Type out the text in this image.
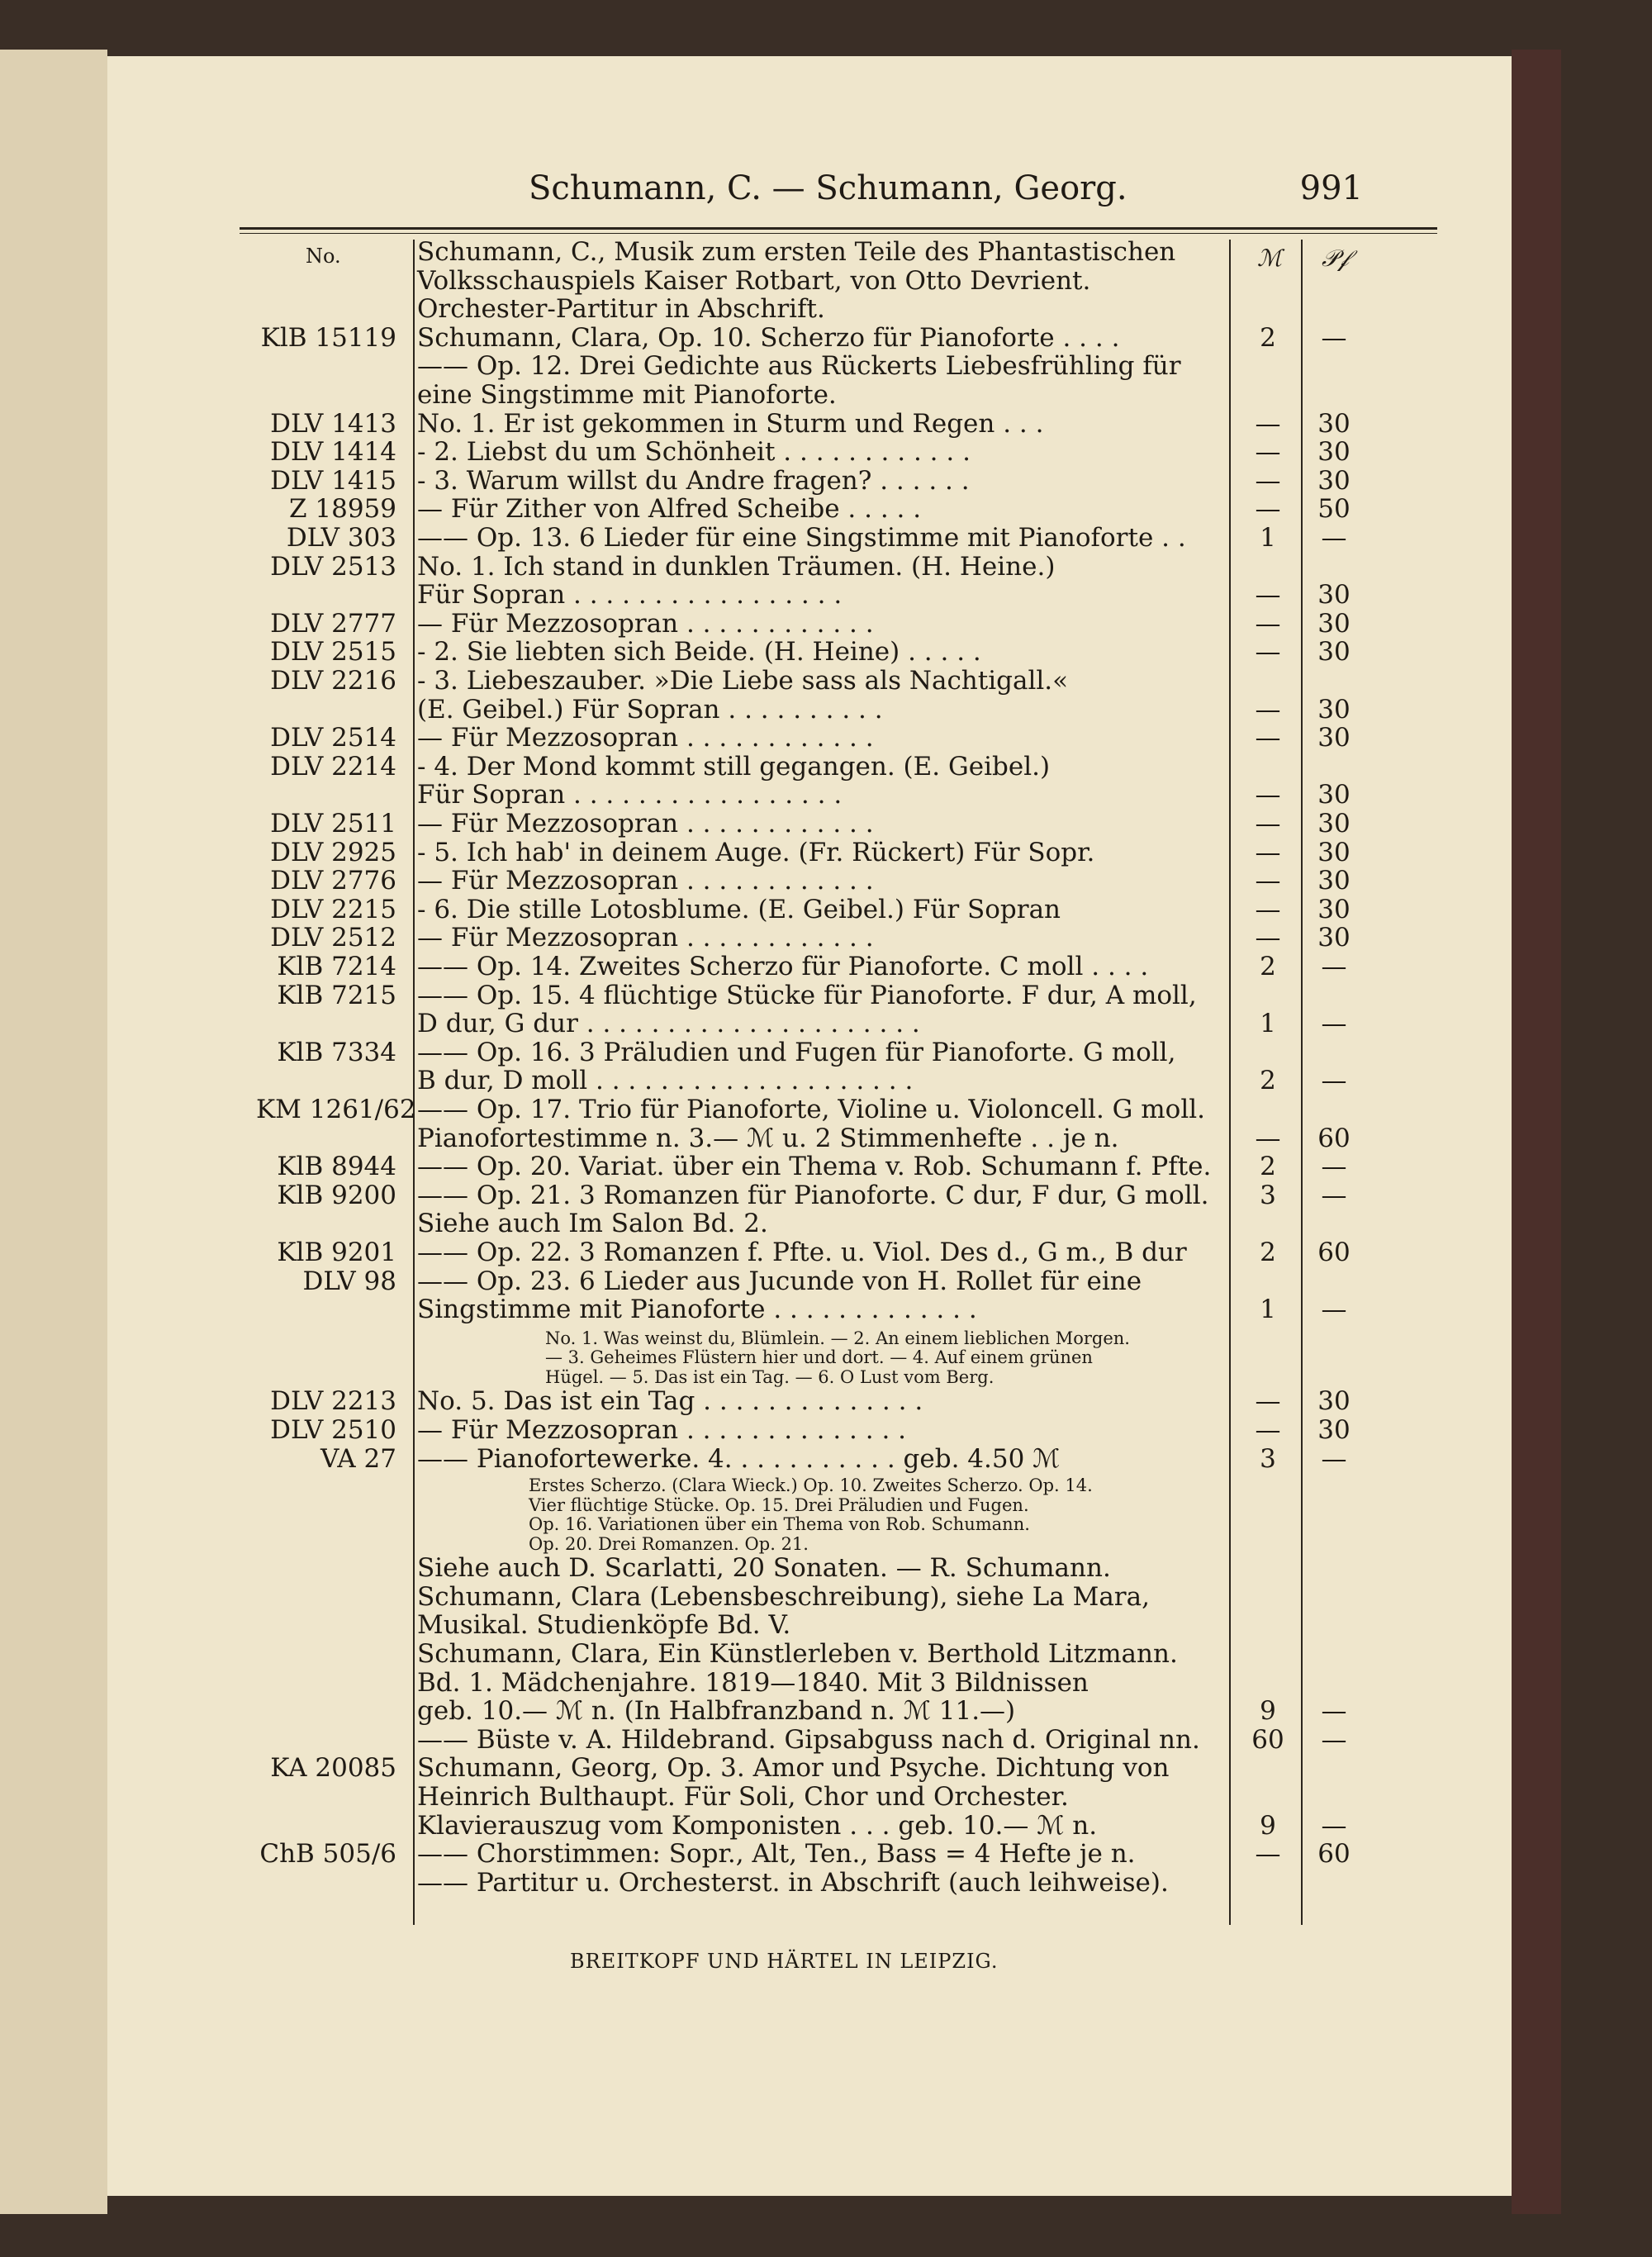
Schumann, C. — Schumann, Georg.	991
No.	ℳ 𝒫𝒻
Schumann, C., Musik zum ersten Teile des Phantastischen
Volksschauspiels Kaiser Rotbart, von Otto Devrient.
Orchester-Partitur in Abschrift.
KlB 15119 Schumann, Clara, Op. 10. Scherzo für Pianoforte . . . .	2	—
—— Op. 12. Drei Gedichte aus Rückerts Liebesfrühling für
eine Singstimme mit Pianoforte.
DLV 1413 No. 1. Er ist gekommen in Sturm und Regen . . .	—	30
DLV 1414 - 2. Liebst du um Schönheit . . . . . . . . . . . .	—	30
DLV 1415 - 3. Warum willst du Andre fragen? . . . . . .	—	30
Z 18959 — Für Zither von Alfred Scheibe . . . . .	—	50
DLV 303 —— Op. 13. 6 Lieder für eine Singstimme mit Pianoforte . .	1	—
DLV 2513 No. 1. Ich stand in dunklen Träumen. (H. Heine.)
Für Sopran . . . . . . . . . . . . . . . . .	—	30
DLV 2777 — Für Mezzosopran . . . . . . . . . . . .	—	30
DLV 2515 - 2. Sie liebten sich Beide. (H. Heine) . . . . .	—	30
DLV 2216 - 3. Liebeszauber. »Die Liebe sass als Nachtigall.«
(E. Geibel.) Für Sopran . . . . . . . . . .	—	30
DLV 2514 — Für Mezzosopran . . . . . . . . . . . .	—	30
DLV 2214 - 4. Der Mond kommt still gegangen. (E. Geibel.)
Für Sopran . . . . . . . . . . . . . . . . .	—	30
DLV 2511 — Für Mezzosopran . . . . . . . . . . . .	—	30
DLV 2925 - 5. Ich hab' in deinem Auge. (Fr. Rückert) Für Sopr.	—	30
DLV 2776 — Für Mezzosopran . . . . . . . . . . . .	—	30
DLV 2215 - 6. Die stille Lotosblume. (E. Geibel.) Für Sopran	—	30
DLV 2512 — Für Mezzosopran . . . . . . . . . . . .	—	30
KlB 7214 —— Op. 14. Zweites Scherzo für Pianoforte. C moll . . . .	2	—
KlB 7215 —— Op. 15. 4 flüchtige Stücke für Pianoforte. F dur, A moll,
D dur, G dur . . . . . . . . . . . . . . . . . . . . .	1	—
KlB 7334 —— Op. 16. 3 Präludien und Fugen für Pianoforte. G moll,
B dur, D moll . . . . . . . . . . . . . . . . . . . .	2	—
KM 1261/62 —— Op. 17. Trio für Pianoforte, Violine u. Violoncell. G moll.
Pianofortestimme n. 3.— ℳ u. 2 Stimmenhefte . . je n.	—	60
KlB 8944 —— Op. 20. Variat. über ein Thema v. Rob. Schumann f. Pfte.	2	—
KlB 9200 —— Op. 21. 3 Romanzen für Pianoforte. C dur, F dur, G moll.	3	—
Siehe auch Im Salon Bd. 2.
KlB 9201 —— Op. 22. 3 Romanzen f. Pfte. u. Viol. Des d., G m., B dur	2	60
DLV 98 —— Op. 23. 6 Lieder aus Jucunde von H. Rollet für eine
Singstimme mit Pianoforte . . . . . . . . . . . . .	1	—
No. 1. Was weinst du, Blümlein. — 2. An einem lieblichen Morgen.
— 3. Geheimes Flüstern hier und dort. — 4. Auf einem grünen
Hügel. — 5. Das ist ein Tag. — 6. O Lust vom Berg.
DLV 2213 No. 5. Das ist ein Tag . . . . . . . . . . . . . .	—	30
DLV 2510 — Für Mezzosopran . . . . . . . . . . . . . .	—	30
VA 27 —— Pianofortewerke. 4. . . . . . . . . . . geb. 4.50 ℳ	3	—
Erstes Scherzo. (Clara Wieck.) Op. 10. Zweites Scherzo. Op. 14.
Vier flüchtige Stücke. Op. 15. Drei Präludien und Fugen.
Op. 16. Variationen über ein Thema von Rob. Schumann.
Op. 20. Drei Romanzen. Op. 21.
Siehe auch D. Scarlatti, 20 Sonaten. — R. Schumann.
Schumann, Clara (Lebensbeschreibung), siehe La Mara,
Musikal. Studienköpfe Bd. V.
Schumann, Clara, Ein Künstlerleben v. Berthold Litzmann.
Bd. 1. Mädchenjahre. 1819—1840. Mit 3 Bildnissen
geb. 10.— ℳ n. (In Halbfranzband n. ℳ 11.—)	9	—
—— Büste v. A. Hildebrand. Gipsabguss nach d. Original nn.	60	—
KA 20085 Schumann, Georg, Op. 3. Amor und Psyche. Dichtung von
Heinrich Bulthaupt. Für Soli, Chor und Orchester.
Klavierauszug vom Komponisten . . . geb. 10.— ℳ n.	9	—
ChB 505/6 —— Chorstimmen: Sopr., Alt, Ten., Bass = 4 Hefte je n.	—	60
—— Partitur u. Orchesterst. in Abschrift (auch leihweise).
BREITKOPF UND HÄRTEL IN LEIPZIG.
